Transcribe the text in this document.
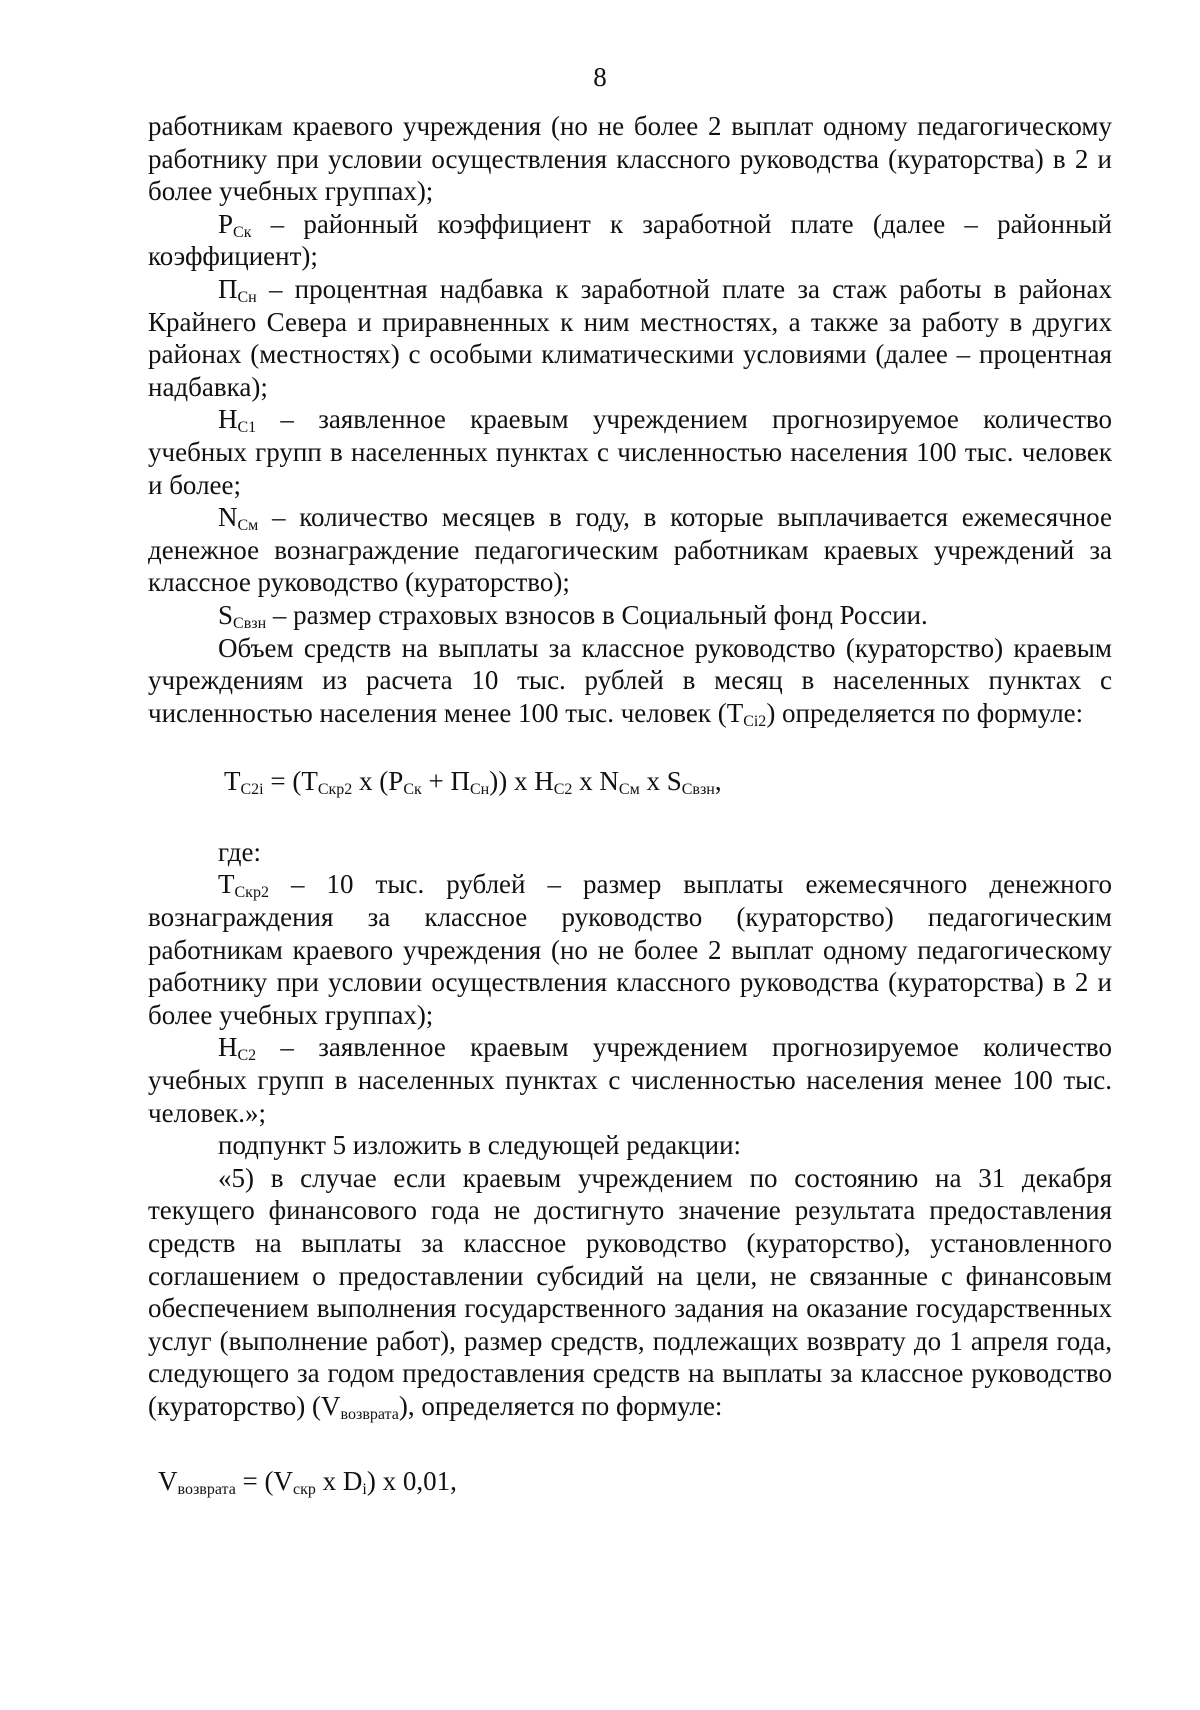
8

работникам краевого учреждения (но не более 2 выплат одному педагогическому работнику при условии осуществления классного руководства (кураторства) в 2 и более учебных группах);

$P_{Ск}$ – районный коэффициент к заработной плате (далее – районный коэффициент);

$П_{Сн}$ – процентная надбавка к заработной плате за стаж работы в районах Крайнего Севера и приравненных к ним местностях, а также за работу в других районах (местностях) с особыми климатическими условиями (далее – процентная надбавка);

$Н_{С1}$ – заявленное краевым учреждением прогнозируемое количество учебных групп в населенных пунктах с численностью населения 100 тыс. человек и более;

$N_{См}$ – количество месяцев в году, в которые выплачивается ежемесячное денежное вознаграждение педагогическим работникам краевых учреждений за классное руководство (кураторство);

$S_{Свзн}$ – размер страховых взносов в Социальный фонд России.

Объем средств на выплаты за классное руководство (кураторство) краевым учреждениям из расчета 10 тыс. рублей в месяц в населенных пунктах с численностью населения менее 100 тыс. человек $(Т_{Сi2})$ определяется по формуле:

$Т_{С2i} = (Т_{Скр2}$ х $(Р_{Ск} + П_{Сн})$) х $Н_{С2}$ х $N_{См}$ х $S_{Свзн}$,

где:

$Т_{Скр2} - 10$ тыс. рублей – размер выплаты ежемесячного денежного вознаграждения за классное руководство (кураторство) педагогическим работникам краевого учреждения (но не более 2 выплат одному педагогическому работнику при условии осуществления классного руководства (кураторства) в 2 и более учебных группах);

$Н_{С2}$ – заявленное краевым учреждением прогнозируемое количество учебных групп в населенных пунктах с численностью населения менее 100 тыс. человек.»;

подпункт 5 изложить в следующей редакции:

«5) в случае если краевым учреждением по состоянию на 31 декабря текущего финансового года не достигнуто значение результата предоставления средств на выплаты за классное руководство (кураторство), установленного соглашением о предоставлении субсидий на цели, не связанные с финансовым обеспечением выполнения государственного задания на оказание государственных услуг (выполнение работ), размер средств, подлежащих возврату до 1 апреля года, следующего за годом предоставления средств на выплаты за классное руководство (кураторство) $(V_{возврата})$, определяется по формуле:

$V_{возврата} = (V_{скр}$ х $D_i$) х 0,01,
